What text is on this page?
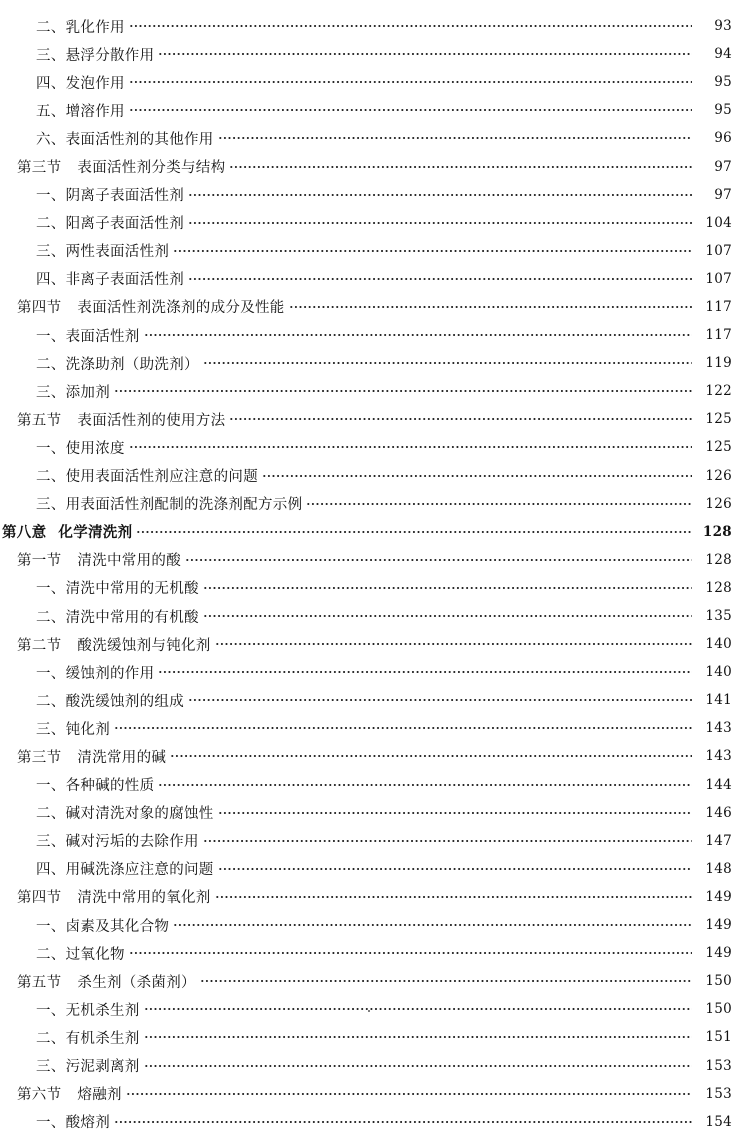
二、乳化作用	93
三、悬浮分散作用	94
四、发泡作用	95
五、增溶作用	95
六、表面活性剂的其他作用	96
第三节 表面活性剂分类与结构	97
一、阴离子表面活性剂	97
二、阳离子表面活性剂	104
三、两性表面活性剂	107
四、非离子表面活性剂	107
第四节 表面活性剂洗涤剂的成分及性能	117
一、表面活性剂	117
二、洗涤助剂（助洗剂）	119
三、添加剂	122
第五节 表面活性剂的使用方法	125
一、使用浓度	125
二、使用表面活性剂应注意的问题	126
三、用表面活性剂配制的洗涤剂配方示例	126
第八意 化学清洗剂	128
第一节 清洗中常用的酸	128
一、清洗中常用的无机酸	128
二、清洗中常用的有机酸	135
第二节 酸洗缓蚀剂与钝化剂	140
一、缓蚀剂的作用	140
二、酸洗缓蚀剂的组成	141
三、钝化剂	143
第三节 清洗常用的碱	143
一、各种碱的性质	144
二、碱对清洗对象的腐蚀性	146
三、碱对污垢的去除作用	147
四、用碱洗涤应注意的问题	148
第四节 清洗中常用的氧化剂	149
一、卤素及其化合物	149
二、过氧化物	149
第五节 杀生剂（杀菌剂）	150
一、无机杀生剂	150
二、有机杀生剂	151
三、污泥剥离剂	153
第六节 熔融剂	153
一、酸熔剂	154
